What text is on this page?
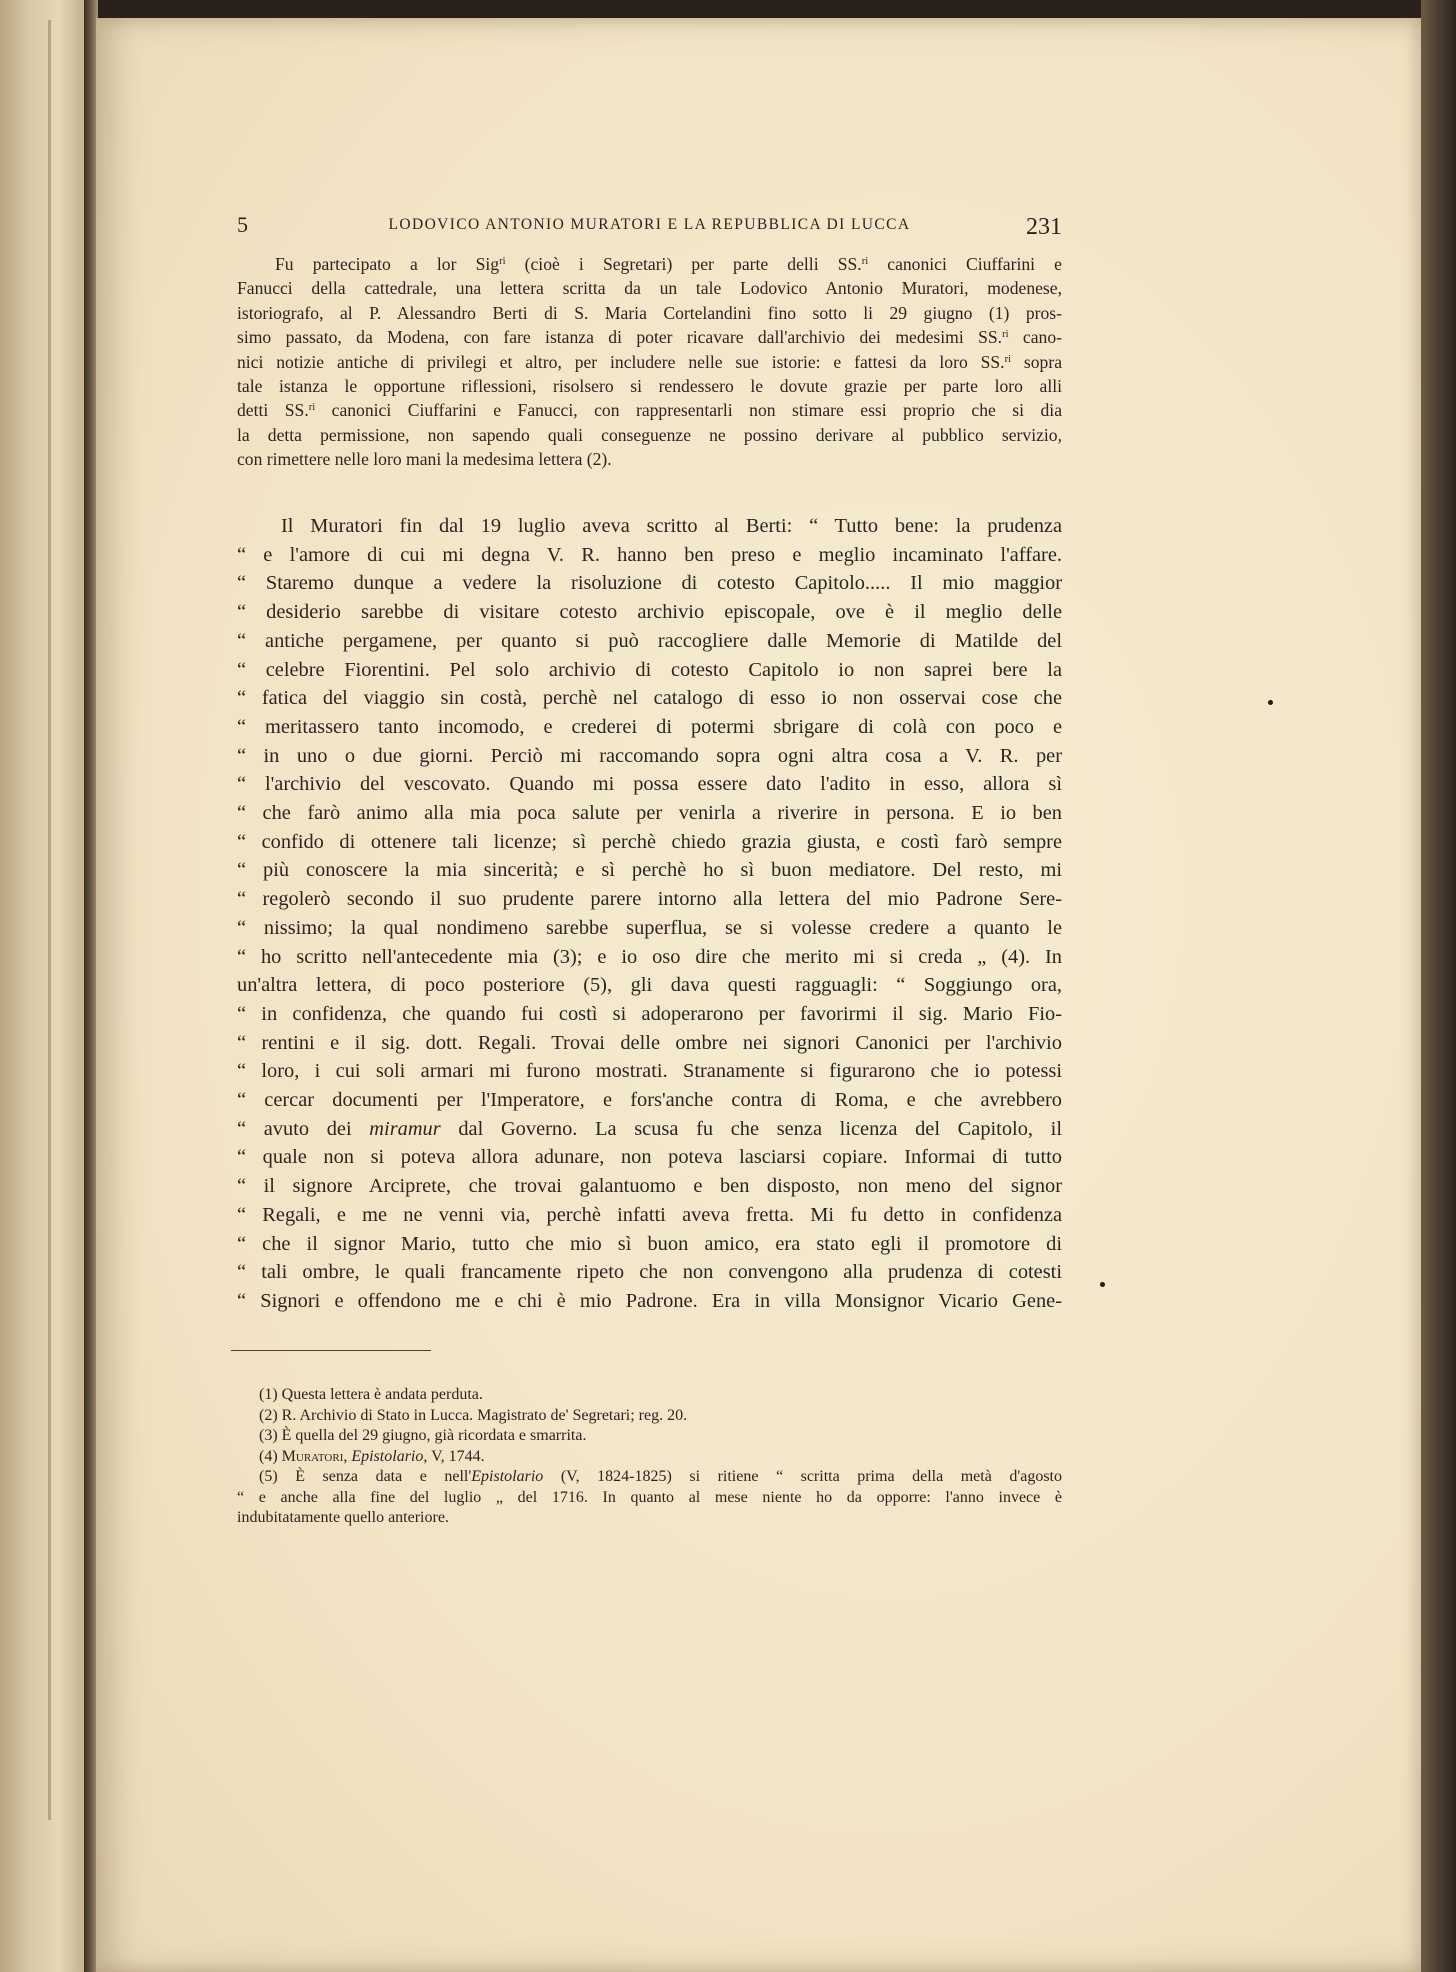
5	LODOVICO ANTONIO MURATORI E LA REPUBBLICA DI LUCCA	231
Fu partecipato a lor Sig$^{ri}$ (cioè i Segretari) per parte delli SS.$^{ri}$ canonici Ciuffarini e
Fanucci della cattedrale, una lettera scritta da un tale Lodovico Antonio Muratori, modenese,
istoriografo, al P. Alessandro Berti di S. Maria Cortelandini fino sotto li 29 giugno (1) pros-
simo passato, da Modena, con fare istanza di poter ricavare dall'archivio dei medesimi SS.$^{ri}$ cano-
nici notizie antiche di privilegi et altro, per includere nelle sue istorie: e fattesi da loro SS.$^{ri}$ sopra
tale istanza le opportune riflessioni, risolsero si rendessero le dovute grazie per parte loro alli
detti SS.$^{ri}$ canonici Ciuffarini e Fanucci, con rappresentarli non stimare essi proprio che si dia
la detta permissione, non sapendo quali conseguenze ne possino derivare al pubblico servizio,
con rimettere nelle loro mani la medesima lettera (2).
Il Muratori fin dal 19 luglio aveva scritto al Berti: “ Tutto bene: la prudenza
“ e l'amore di cui mi degna V. R. hanno ben preso e meglio incaminato l'affare.
“ Staremo dunque a vedere la risoluzione di cotesto Capitolo..... Il mio maggior
“ desiderio sarebbe di visitare cotesto archivio episcopale, ove è il meglio delle
“ antiche pergamene, per quanto si può raccogliere dalle Memorie di Matilde del
“ celebre Fiorentini. Pel solo archivio di cotesto Capitolo io non saprei bere la
“ fatica del viaggio sin costà, perchè nel catalogo di esso io non osservai cose che
“ meritassero tanto incomodo, e crederei di potermi sbrigare di colà con poco e
“ in uno o due giorni. Perciò mi raccomando sopra ogni altra cosa a V. R. per
“ l'archivio del vescovato. Quando mi possa essere dato l'adito in esso, allora sì
“ che farò animo alla mia poca salute per venirla a riverire in persona. E io ben
“ confido di ottenere tali licenze; sì perchè chiedo grazia giusta, e costì farò sempre
“ più conoscere la mia sincerità; e sì perchè ho sì buon mediatore. Del resto, mi
“ regolerò secondo il suo prudente parere intorno alla lettera del mio Padrone Sere-
“ nissimo; la qual nondimeno sarebbe superflua, se si volesse credere a quanto le
“ ho scritto nell'antecedente mia (3); e io oso dire che merito mi si creda „ (4). In
un'altra lettera, di poco posteriore (5), gli dava questi ragguagli: “ Soggiungo ora,
“ in confidenza, che quando fui costì si adoperarono per favorirmi il sig. Mario Fio-
“ rentini e il sig. dott. Regali. Trovai delle ombre nei signori Canonici per l'archivio
“ loro, i cui soli armari mi furono mostrati. Stranamente si figurarono che io potessi
“ cercar documenti per l'Imperatore, e fors'anche contra di Roma, e che avrebbero
“ avuto dei miramur dal Governo. La scusa fu che senza licenza del Capitolo, il
“ quale non si poteva allora adunare, non poteva lasciarsi copiare. Informai di tutto
“ il signore Arciprete, che trovai galantuomo e ben disposto, non meno del signor
“ Regali, e me ne venni via, perchè infatti aveva fretta. Mi fu detto in confidenza
“ che il signor Mario, tutto che mio sì buon amico, era stato egli il promotore di
“ tali ombre, le quali francamente ripeto che non convengono alla prudenza di cotesti
“ Signori e offendono me e chi è mio Padrone. Era in villa Monsignor Vicario Gene-
(1) Questa lettera è andata perduta.
(2) R. Archivio di Stato in Lucca. Magistrato de' Segretari; reg. 20.
(3) È quella del 29 giugno, già ricordata e smarrita.
(4) Muratori, Epistolario, V, 1744.
(5) È senza data e nell'Epistolario (V, 1824-1825) si ritiene “ scritta prima della metà d'agosto
“ e anche alla fine del luglio „ del 1716. In quanto al mese niente ho da opporre: l'anno invece è
indubitatamente quello anteriore.
